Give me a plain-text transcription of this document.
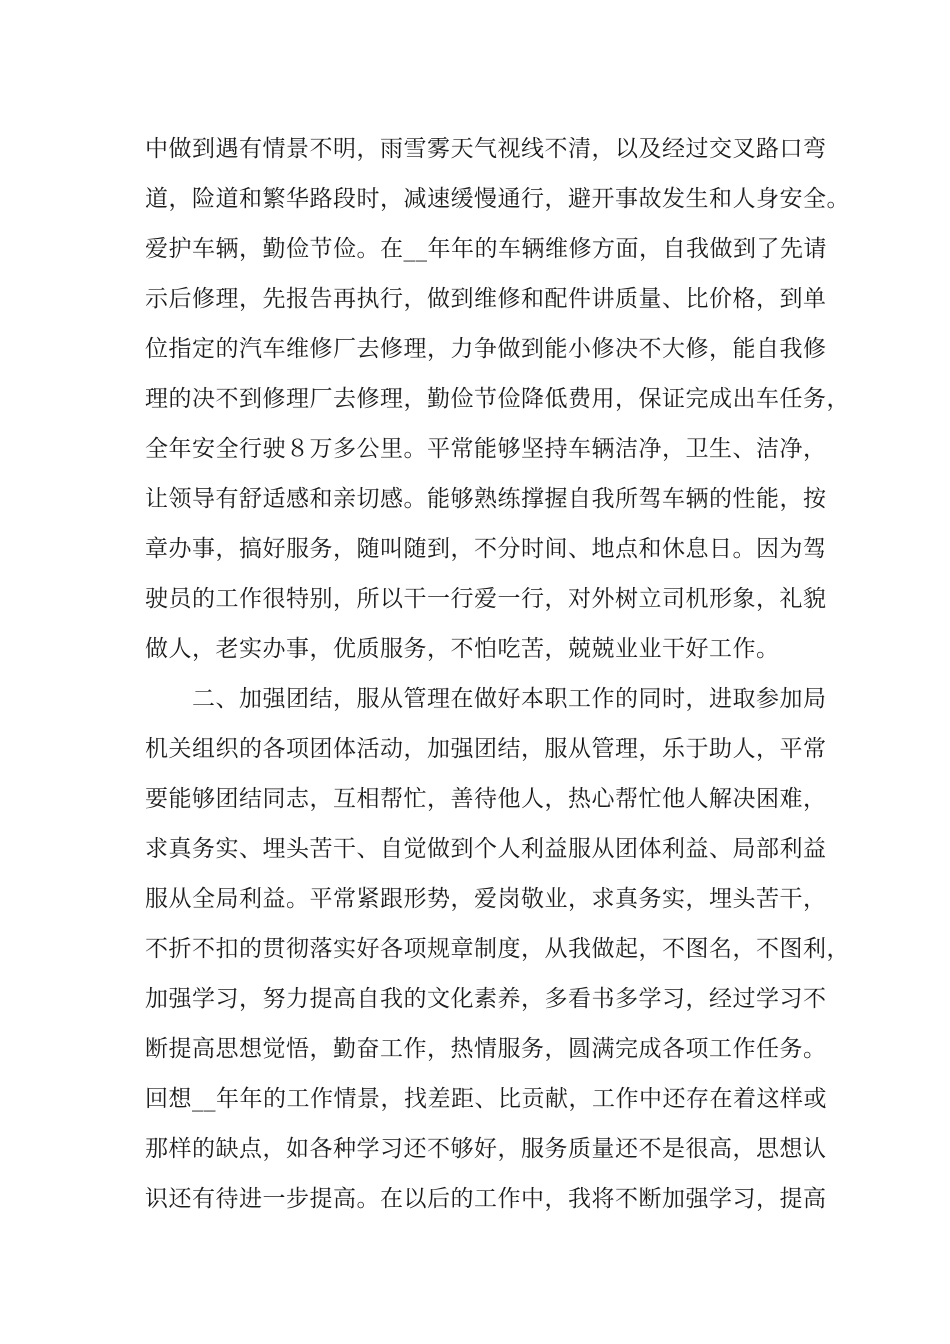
中做到遇有情景不明，雨雪雾天气视线不清，以及经过交叉路口弯
道，险道和繁华路段时，减速缓慢通行，避开事故发生和人身安全。
爱护车辆，勤俭节俭。在__年年的车辆维修方面，自我做到了先请
示后修理，先报告再执行，做到维修和配件讲质量、比价格，到单
位指定的汽车维修厂去修理，力争做到能小修决不大修，能自我修
理的决不到修理厂去修理，勤俭节俭降低费用，保证完成出车任务，
全年安全行驶８万多公里。平常能够坚持车辆洁净，卫生、洁净，
让领导有舒适感和亲切感。能够熟练撑握自我所驾车辆的性能，按
章办事，搞好服务，随叫随到，不分时间、地点和休息日。因为驾
驶员的工作很特别，所以干一行爱一行，对外树立司机形象，礼貌
做人，老实办事，优质服务，不怕吃苦，兢兢业业干好工作。
二、加强团结，服从管理在做好本职工作的同时，进取参加局
机关组织的各项团体活动，加强团结，服从管理，乐于助人，平常
要能够团结同志，互相帮忙，善待他人，热心帮忙他人解决困难，
求真务实、埋头苦干、自觉做到个人利益服从团体利益、局部利益
服从全局利益。平常紧跟形势，爱岗敬业，求真务实，埋头苦干，
不折不扣的贯彻落实好各项规章制度，从我做起，不图名，不图利，
加强学习，努力提高自我的文化素养，多看书多学习，经过学习不
断提高思想觉悟，勤奋工作，热情服务，圆满完成各项工作任务。
回想__年年的工作情景，找差距、比贡献，工作中还存在着这样或
那样的缺点，如各种学习还不够好，服务质量还不是很高，思想认
识还有待进一步提高。在以后的工作中，我将不断加强学习，提高
